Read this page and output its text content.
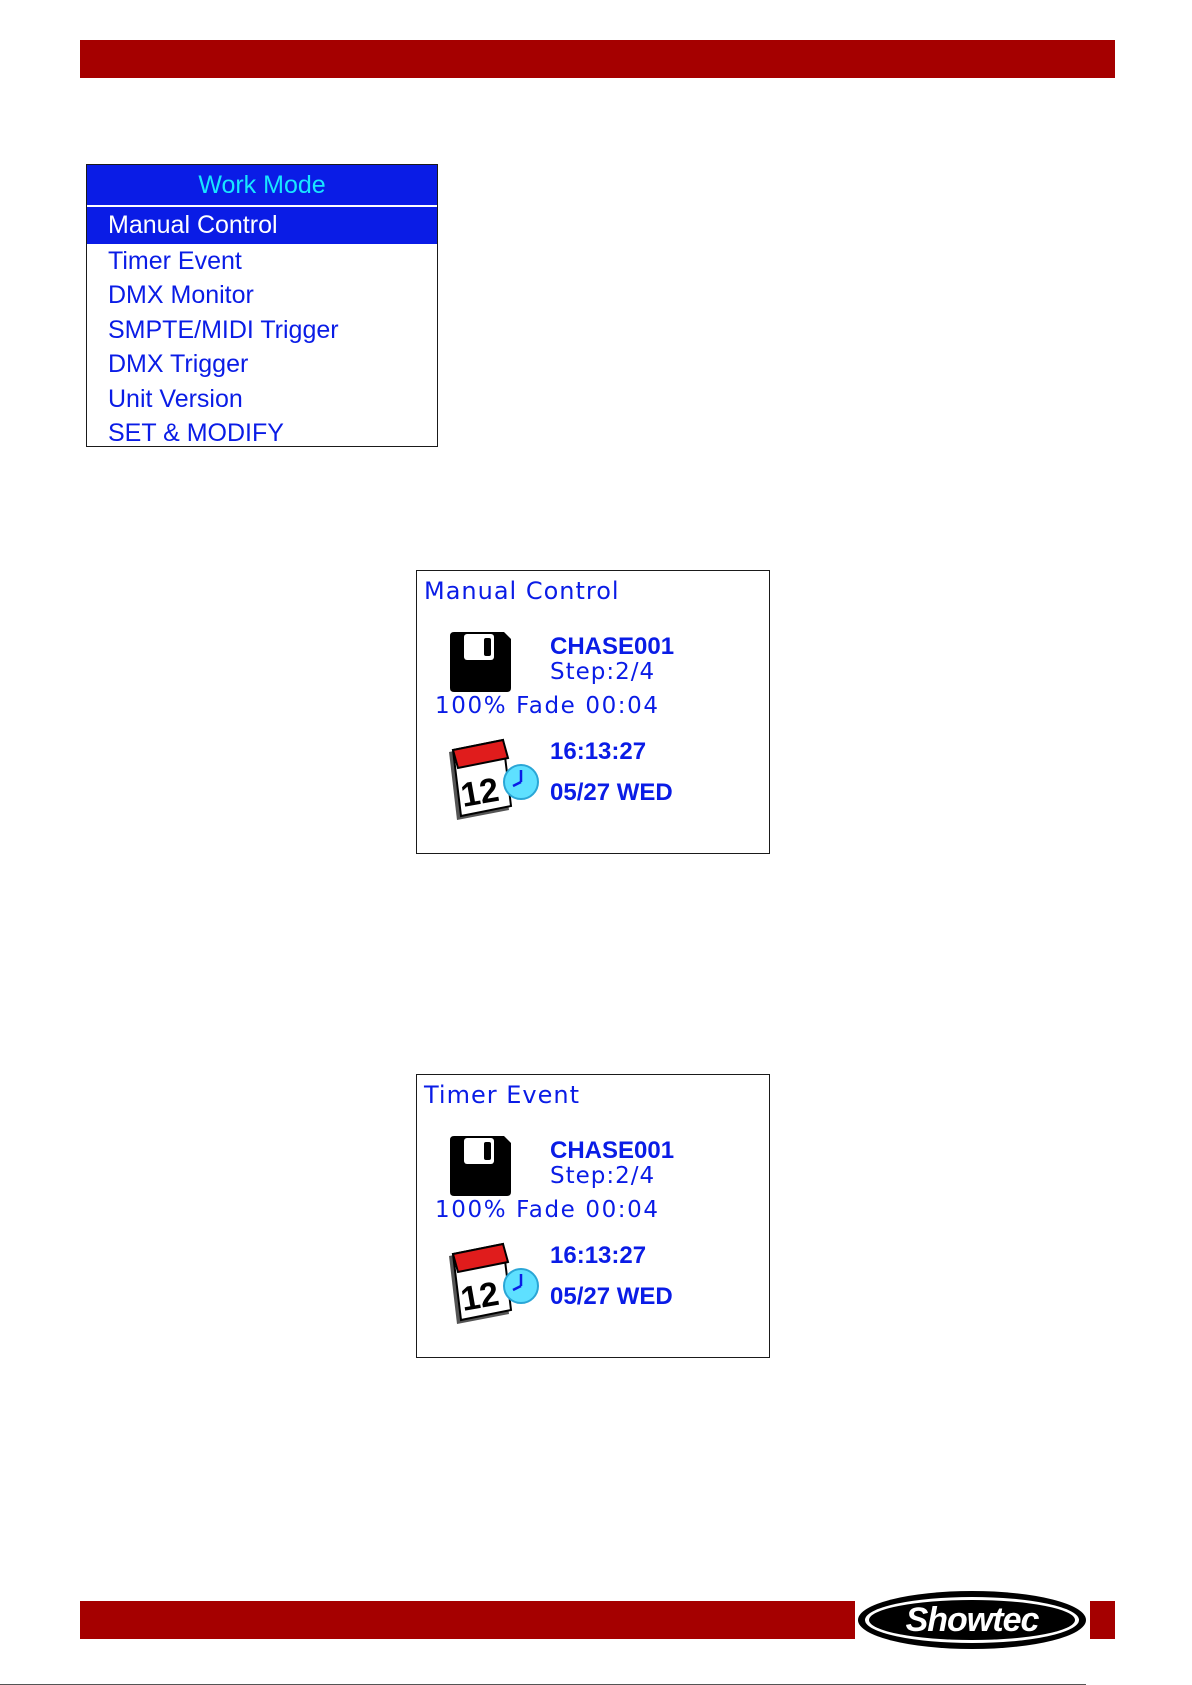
Work Mode
Manual Control
Timer Event
DMX Monitor
SMPTE/MIDI Trigger
DMX Trigger
Unit Version
SET & MODIFY
Manual Control
CHASE001
Step:2/4
100% Fade 00:04
12
16:13:27
05/27 WED
Timer Event
CHASE001
Step:2/4
100% Fade 00:04
12
16:13:27
05/27 WED
Showtec
